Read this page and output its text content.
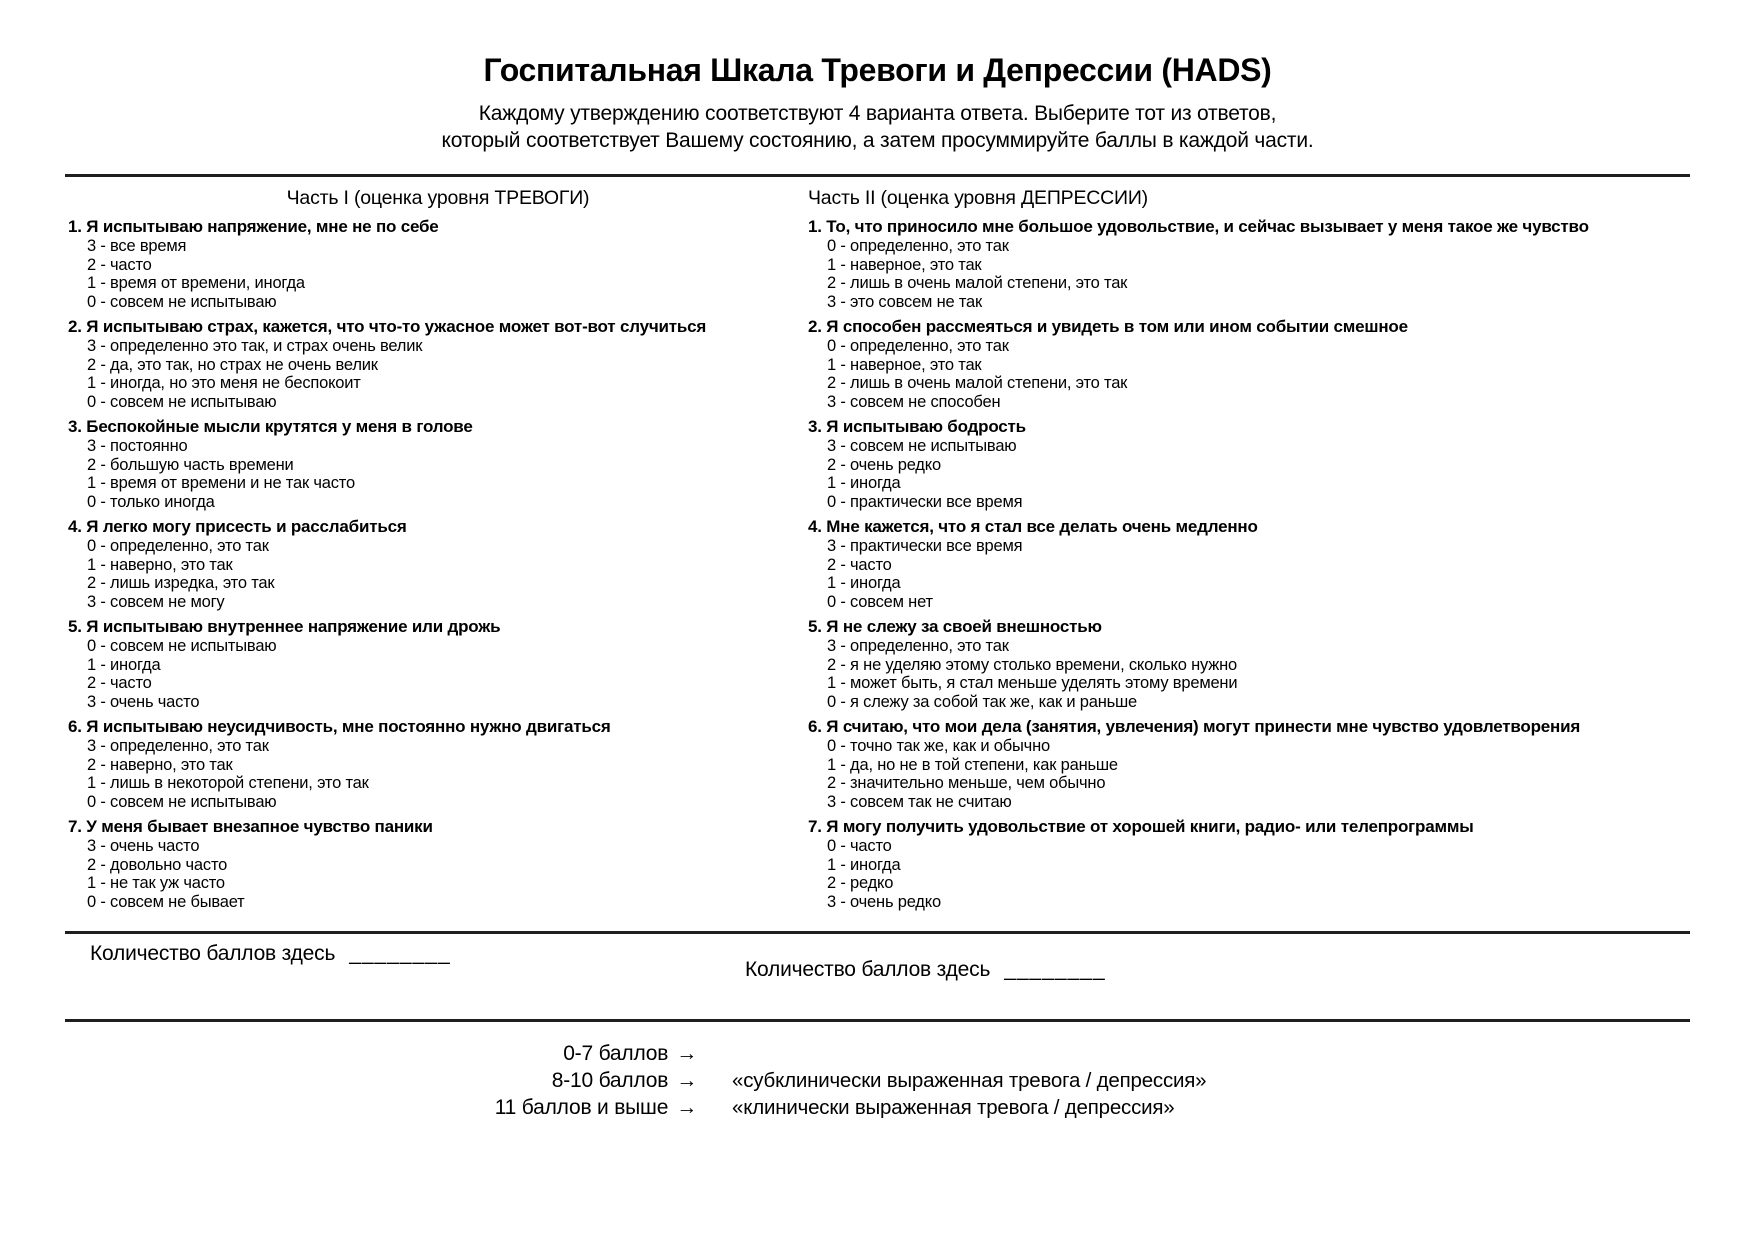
Госпитальная Шкала Тревоги и Депрессии (HADS)
Каждому утверждению соответствуют 4 варианта ответа. Выберите тот из ответов,
который соответствует Вашему состоянию, а затем просуммируйте баллы в каждой части.
Часть I (оценка уровня ТРЕВОГИ)
1. Я испытываю напряжение, мне не по себе
3 - все время
2 - часто
1 - время от времени, иногда
0 - совсем не испытываю
2. Я испытываю страх, кажется, что что-то ужасное может вот-вот случиться
3 - определенно это так, и страх очень велик
2 - да, это так, но страх не очень велик
1 - иногда, но это меня не беспокоит
0 - совсем не испытываю
3. Беспокойные мысли крутятся у меня в голове
3 - постоянно
2 - большую часть времени
1 - время от времени и не так часто
0 - только иногда
4. Я легко могу присесть и расслабиться
0 - определенно, это так
1 - наверно, это так
2 - лишь изредка, это так
3 - совсем не могу
5. Я испытываю внутреннее напряжение или дрожь
0 - совсем не испытываю
1 - иногда
2 - часто
3 - очень часто
6. Я испытываю неусидчивость, мне постоянно нужно двигаться
3 - определенно, это так
2 - наверно, это так
1 - лишь в некоторой степени, это так
0 - совсем не испытываю
7. У меня бывает внезапное чувство паники
3 - очень часто
2 - довольно часто
1 - не так уж часто
0 - совсем не бывает
Часть II (оценка уровня ДЕПРЕССИИ)
1. То, что приносило мне большое удовольствие, и сейчас вызывает у меня такое же чувство
0 - определенно, это так
1 - наверное, это так
2 - лишь в очень малой степени, это так
3 - это совсем не так
2. Я способен рассмеяться и увидеть в том или ином событии смешное
0 - определенно, это так
1 - наверное, это так
2 - лишь в очень малой степени, это так
3 - совсем не способен
3. Я испытываю бодрость
3 - совсем не испытываю
2 - очень редко
1 - иногда
0 - практически все время
4. Мне кажется, что я стал все делать очень медленно
3 - практически все время
2 - часто
1 - иногда
0 - совсем нет
5. Я не слежу за своей внешностью
3 - определенно, это так
2 - я не уделяю этому столько времени, сколько нужно
1 - может быть, я стал меньше уделять этому времени
0 - я слежу за собой так же, как и раньше
6. Я считаю, что мои дела (занятия, увлечения) могут принести мне чувство удовлетворения
0 - точно так же, как и обычно
1 - да, но не в той степени, как раньше
2 - значительно меньше, чем обычно
3 - совсем так не считаю
7. Я могу получить удовольствие от хорошей книги, радио- или телепрограммы
0 - часто
1 - иногда
2 - редко
3 - очень редко
Количество баллов здесь ________
Количество баллов здесь ________
0-7 баллов →
8-10 баллов →	«субклинически выраженная тревога / депрессия»
11 баллов и выше →	«клинически выраженная тревога / депрессия»
